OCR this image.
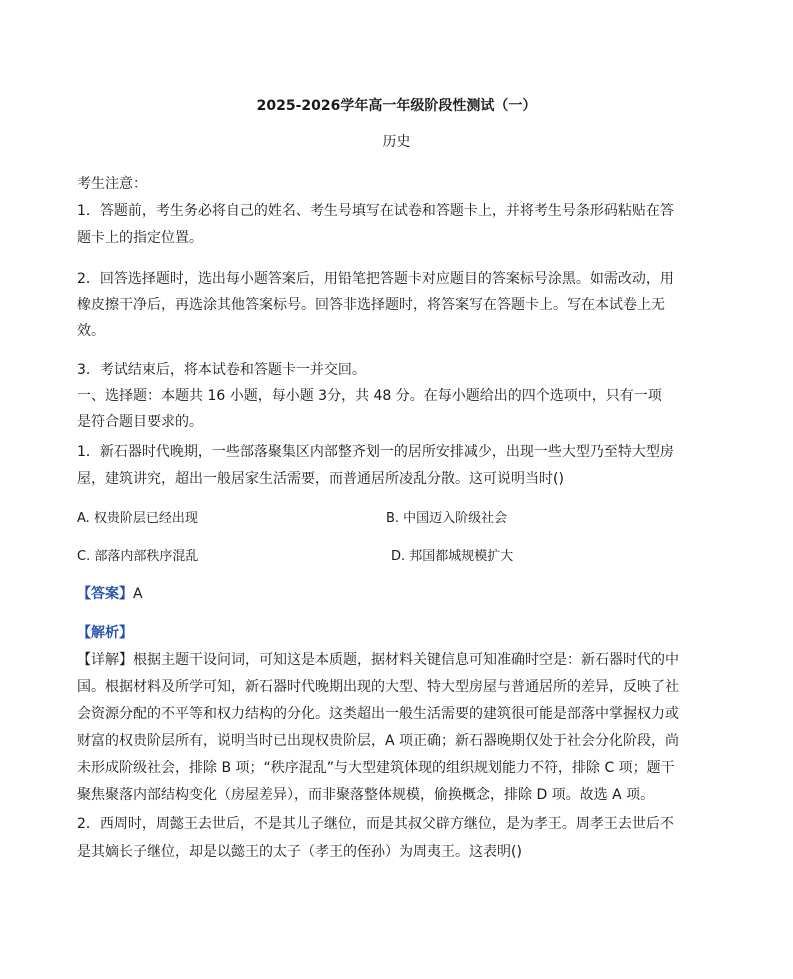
2025-2026学年高一年级阶段性测试（一）
历史
考生注意：
1．答题前，考生务必将自己的姓名、考生号填写在试卷和答题卡上，并将考生号条形码粘贴在答
题卡上的指定位置。
2．回答选择题时，选出每小题答案后，用铅笔把答题卡对应题目的答案标号涂黑。如需改动，用
橡皮擦干净后，再选涂其他答案标号。回答非选择题时，将答案写在答题卡上。写在本试卷上无
效。
3．考试结束后，将本试卷和答题卡一并交回。
一、选择题：本题共 16 小题，每小题 3分，共 48 分。在每小题给出的四个选项中，只有一项
是符合题目要求的。
1．新石器时代晚期，一些部落聚集区内部整齐划一的居所安排减少，出现一些大型乃至特大型房
屋，建筑讲究，超出一般居家生活需要，而普通居所凌乱分散。这可说明当时()
A. 权贵阶层已经出现	B. 中国迈入阶级社会
C. 部落内部秩序混乱	D. 邦国都城规模扩大
【答案】A
【解析】
【详解】根据主题干设问词，可知这是本质题，据材料关键信息可知准确时空是：新石器时代的中
国。根据材料及所学可知，新石器时代晚期出现的大型、特大型房屋与普通居所的差异，反映了社
会资源分配的不平等和权力结构的分化。这类超出一般生活需要的建筑很可能是部落中掌握权力或
财富的权贵阶层所有，说明当时已出现权贵阶层，A 项正确；新石器晚期仅处于社会分化阶段，尚
未形成阶级社会，排除 B 项；“秩序混乱”与大型建筑体现的组织规划能力不符，排除 C 项；题干
聚焦聚落内部结构变化（房屋差异），而非聚落整体规模，偷换概念，排除 D 项。故选 A 项。
2．西周时，周懿王去世后，不是其儿子继位，而是其叔父辟方继位，是为孝王。周孝王去世后不
是其嫡长子继位，却是以懿王的太子（孝王的侄孙）为周夷王。这表明()
